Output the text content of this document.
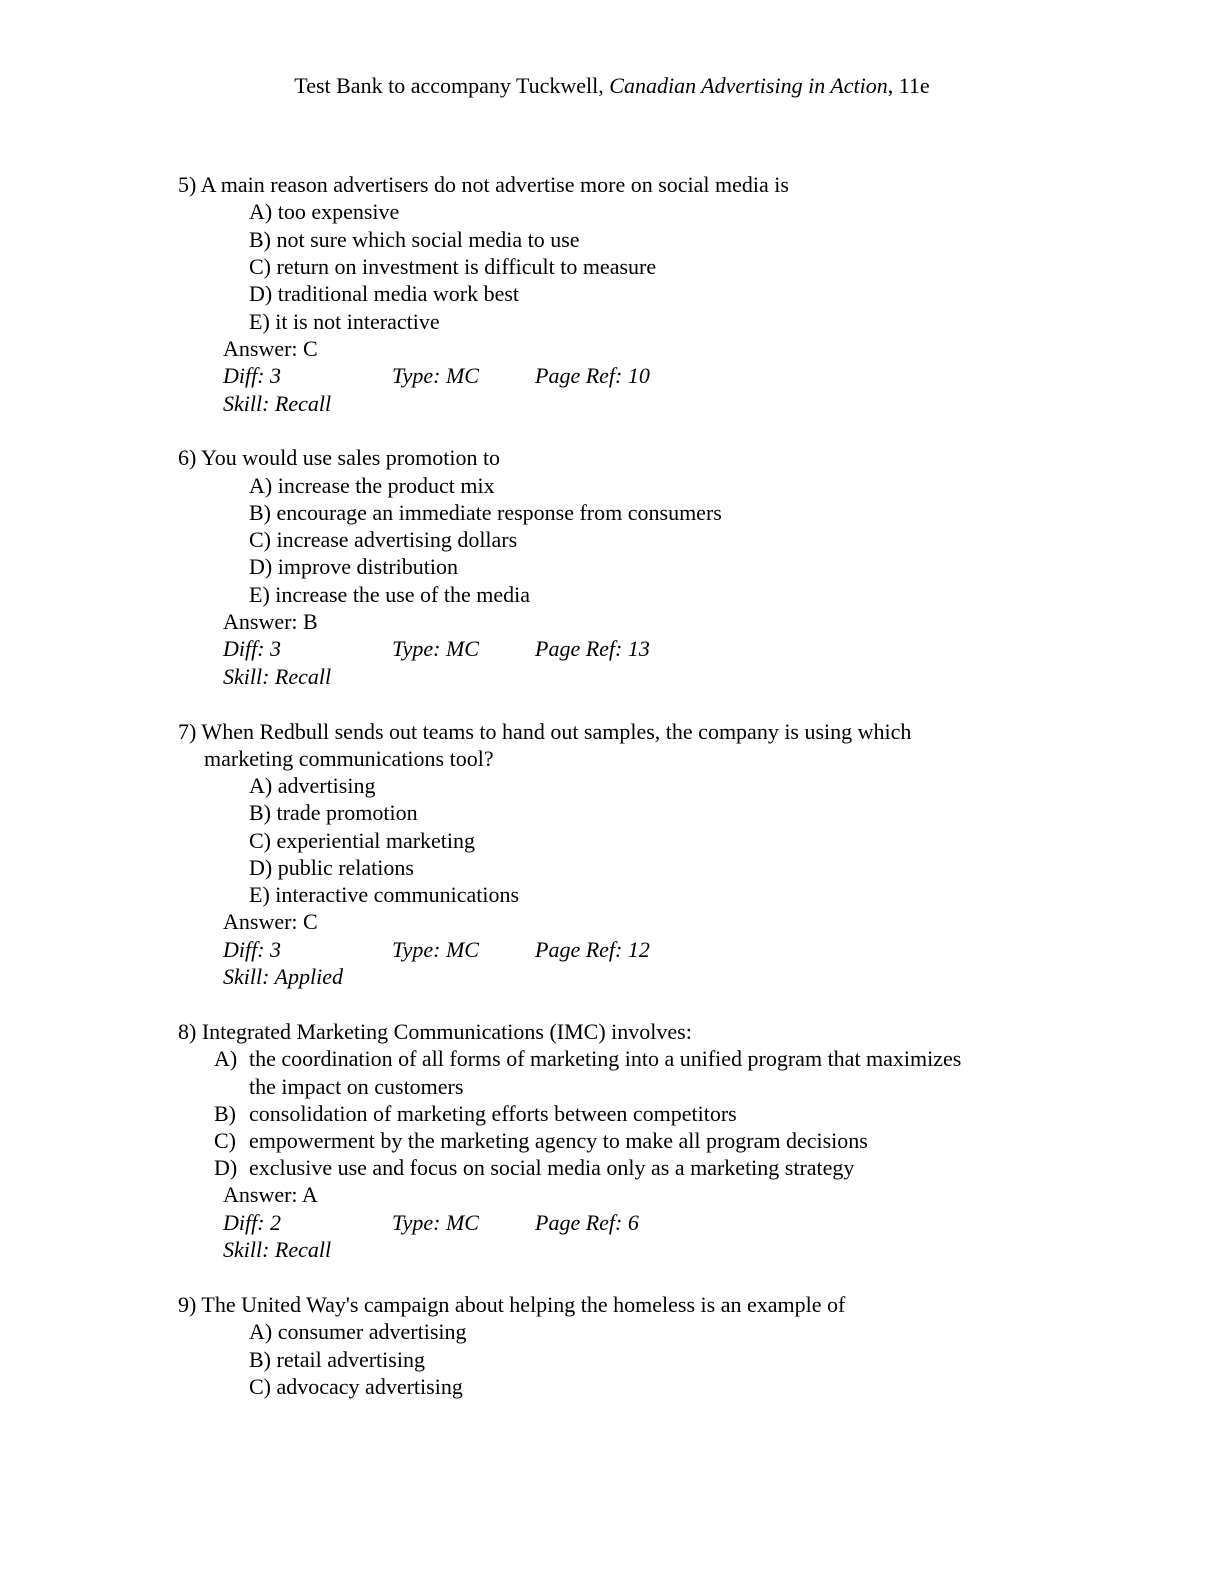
Test Bank to accompany Tuckwell, Canadian Advertising in Action, 11e
5) A main reason advertisers do not advertise more on social media is
A) too expensive
B) not sure which social media to use
C) return on investment is difficult to measure
D) traditional media work best
E) it is not interactive
Answer: C
Diff: 3	Type: MC	Page Ref: 10
Skill: Recall
6) You would use sales promotion to
A) increase the product mix
B) encourage an immediate response from consumers
C) increase advertising dollars
D) improve distribution
E) increase the use of the media
Answer: B
Diff: 3	Type: MC	Page Ref: 13
Skill: Recall
7) When Redbull sends out teams to hand out samples, the company is using which
marketing communications tool?
A) advertising
B) trade promotion
C) experiential marketing
D) public relations
E) interactive communications
Answer: C
Diff: 3	Type: MC	Page Ref: 12
Skill: Applied
8) Integrated Marketing Communications (IMC) involves:
A) the coordination of all forms of marketing into a unified program that maximizes
the impact on customers
B) consolidation of marketing efforts between competitors
C) empowerment by the marketing agency to make all program decisions
D) exclusive use and focus on social media only as a marketing strategy
Answer: A
Diff: 2	Type: MC	Page Ref: 6
Skill: Recall
9) The United Way's campaign about helping the homeless is an example of
A) consumer advertising
B) retail advertising
C) advocacy advertising
